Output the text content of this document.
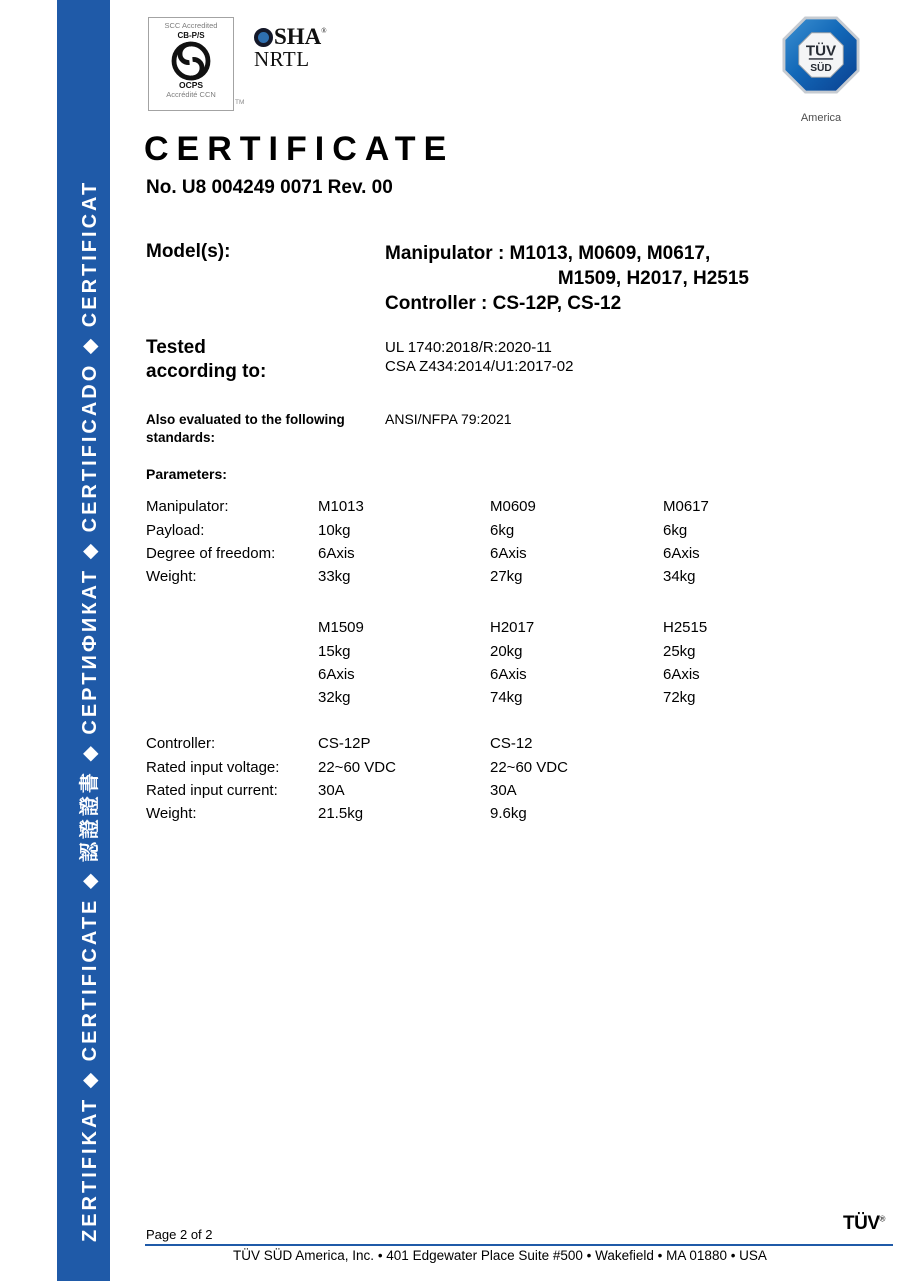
ZERTIFIKAT ◆ CERTIFICATE ◆ 認證證書 ◆ СЕРТИФИКАТ ◆ CERTIFICADO ◆ CERTIFICAT
SCC Accredited
CB-P/S
OCPS
Accrédité CCN
TM
SHA ®
NRTL	TÜV
SÜD
America
CERTIFICATE
No. U8 004249 0071 Rev. 00
Model(s):	Manipulator : M1013, M0609, M0617,
M1509, H2017, H2515
Controller : CS-12P, CS-12
Tested
according to:
UL 1740:2018/R:2020-11
CSA Z434:2014/U1:2017-02
Also evaluated to the following
standards:
ANSI/NFPA 79:2021
Parameters:
Manipulator:	M1013	M0609	M0617
Payload:	10kg	6kg	6kg
Degree of freedom:	6Axis	6Axis	6Axis
Weight:	33kg	27kg	34kg
M1509	H2017	H2515
15kg	20kg	25kg
6Axis	6Axis	6Axis
32kg	74kg	72kg
Controller:	CS-12P	CS-12
Rated input voltage:	22~60 VDC	22~60 VDC
Rated input current:	30A	30A
Weight:	21.5kg	9.6kg
Page 2 of 2
TÜV®
TÜV SÜD America, Inc. • 401 Edgewater Place Suite #500 • Wakefield • MA 01880 • USA
